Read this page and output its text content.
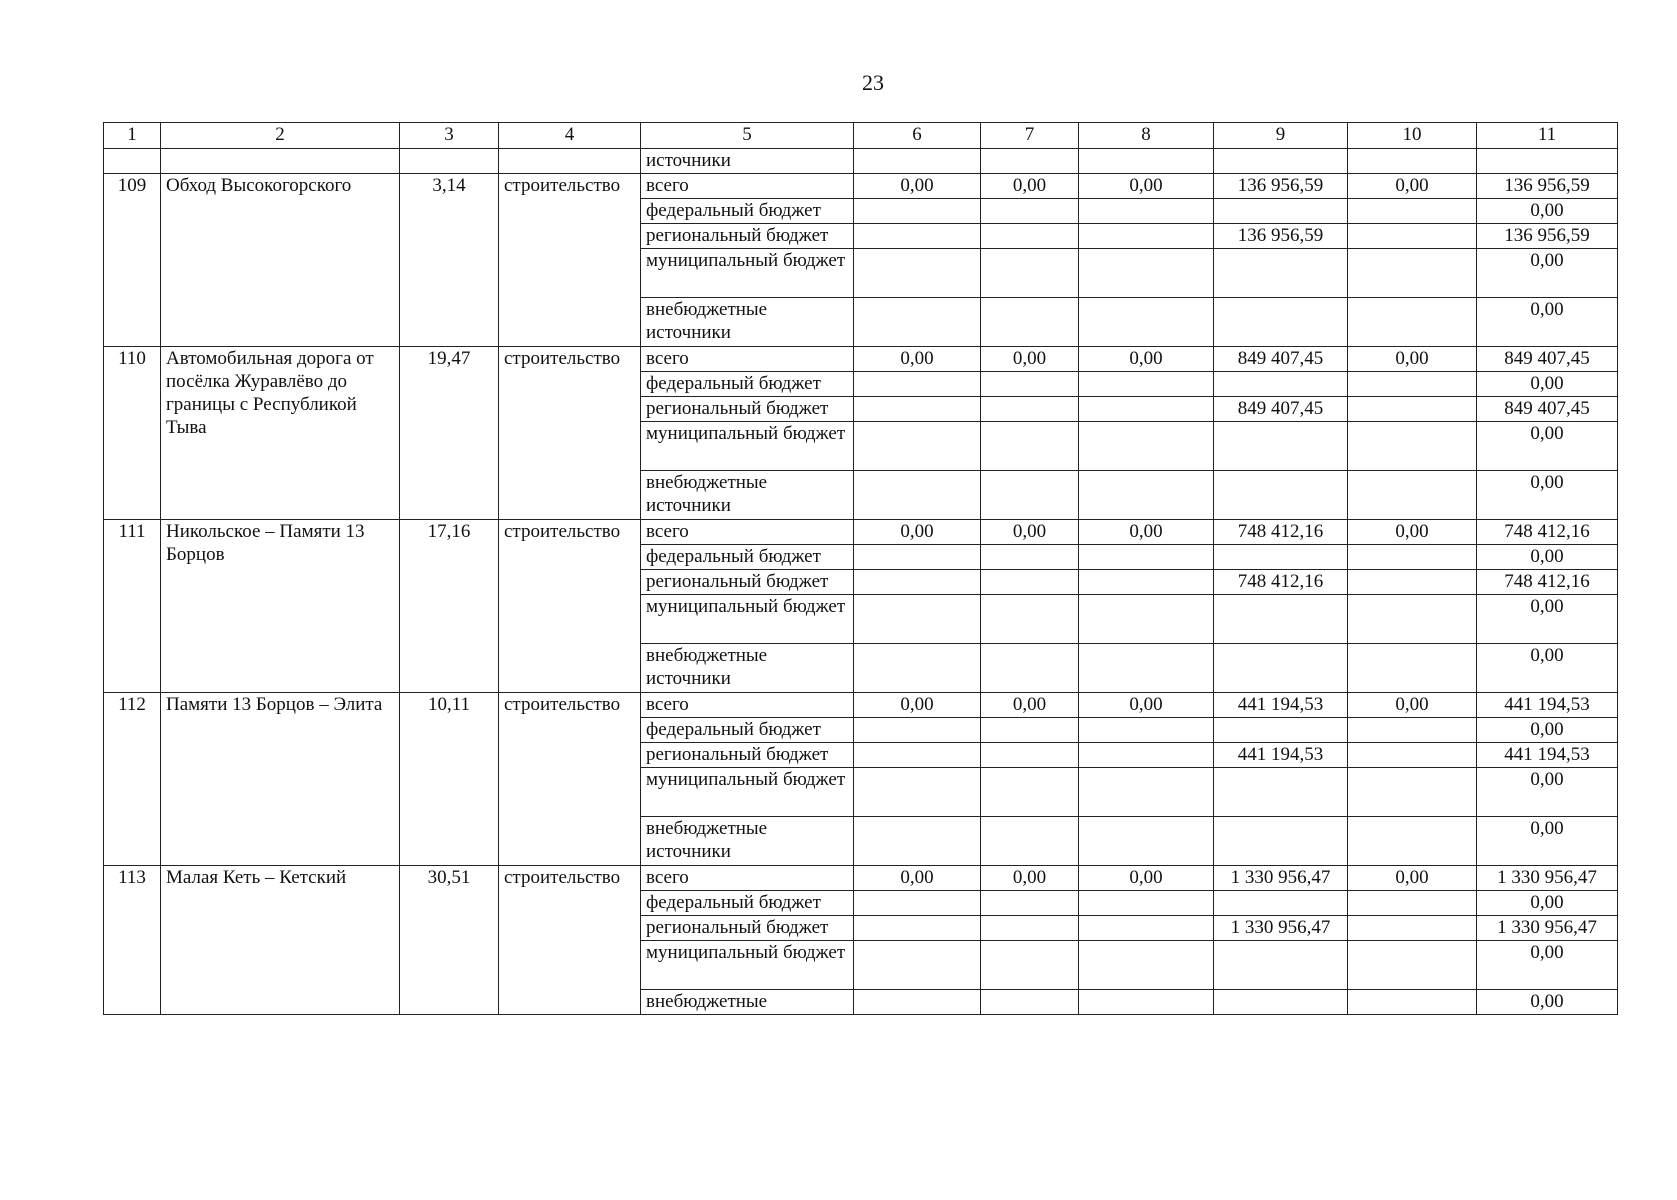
23
1	2	3	4	5	6	7	8	9	10	11
				источники						
109	Обход Высокогорского	3,14	строительство	всего	0,00	0,00	0,00	136 956,59	0,00	136 956,59
				федеральный бюджет						0,00
				региональный бюджет				136 956,59		136 956,59
				муниципальный бюджет						0,00
				внебюджетные источники						0,00
110	Автомобильная дорога от посёлка Журавлёво до границы с Республикой Тыва	19,47	строительство	всего	0,00	0,00	0,00	849 407,45	0,00	849 407,45
				федеральный бюджет						0,00
				региональный бюджет				849 407,45		849 407,45
				муниципальный бюджет						0,00
				внебюджетные источники						0,00
111	Никольское – Памяти 13 Борцов	17,16	строительство	всего	0,00	0,00	0,00	748 412,16	0,00	748 412,16
				федеральный бюджет						0,00
				региональный бюджет				748 412,16		748 412,16
				муниципальный бюджет						0,00
				внебюджетные источники						0,00
112	Памяти 13 Борцов – Элита	10,11	строительство	всего	0,00	0,00	0,00	441 194,53	0,00	441 194,53
				федеральный бюджет						0,00
				региональный бюджет				441 194,53		441 194,53
				муниципальный бюджет						0,00
				внебюджетные источники						0,00
113	Малая Кеть – Кетский	30,51	строительство	всего	0,00	0,00	0,00	1 330 956,47	0,00	1 330 956,47
				федеральный бюджет						0,00
				региональный бюджет				1 330 956,47		1 330 956,47
				муниципальный бюджет						0,00
				внебюджетные						0,00
